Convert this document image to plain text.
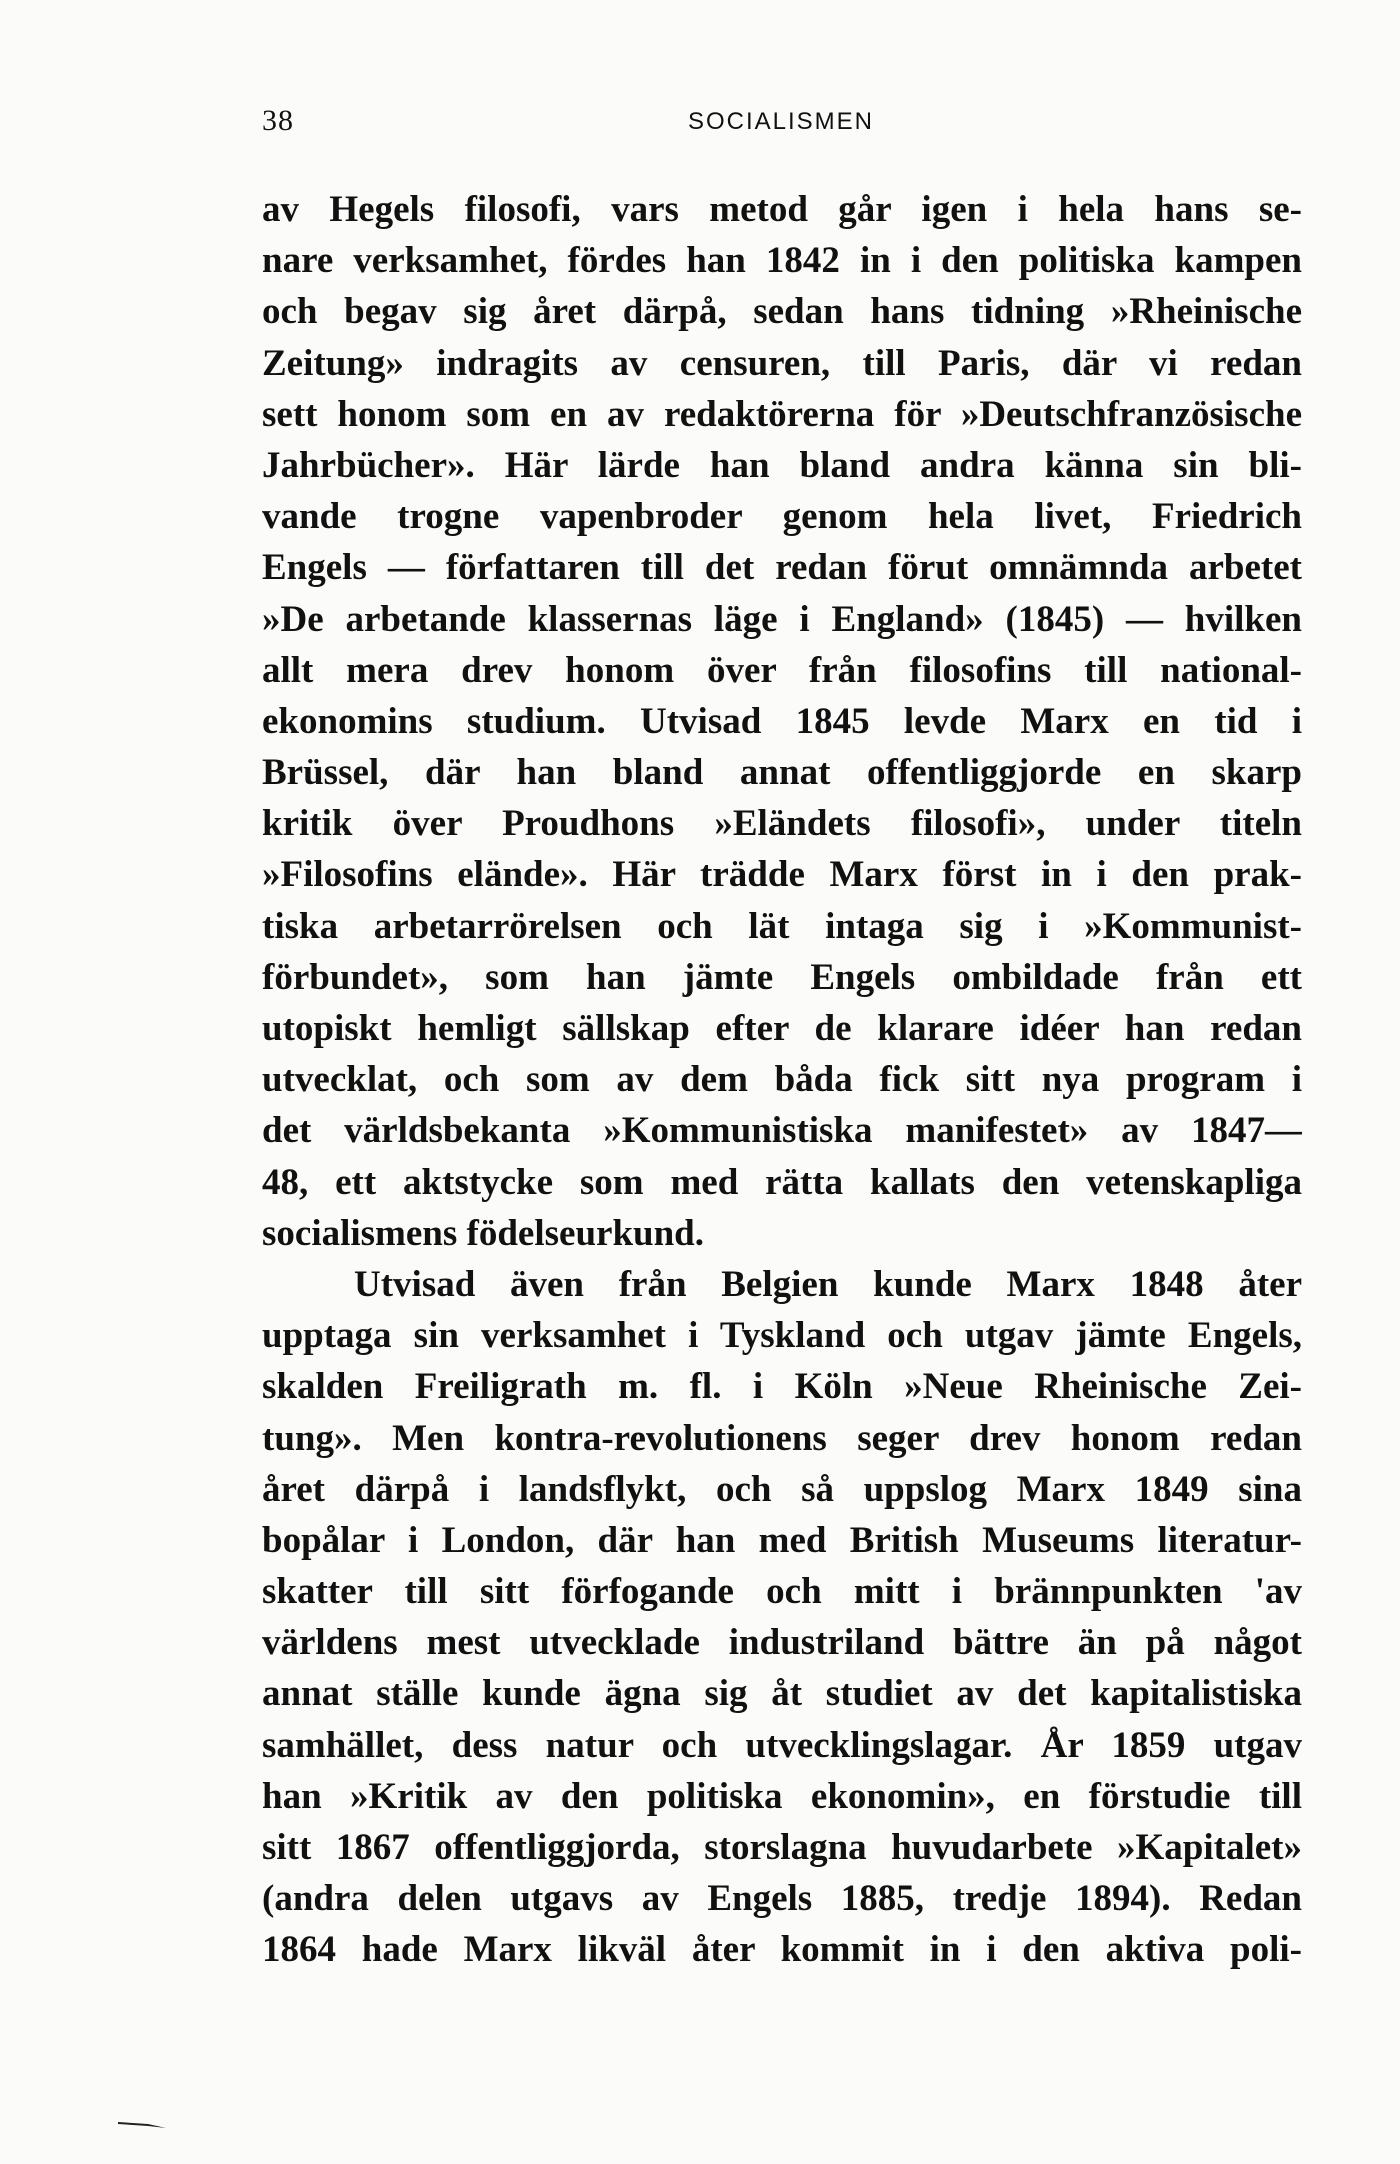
38	SOCIALISMEN
av Hegels filosofi, vars metod går igen i hela hans se-
nare verksamhet, fördes han 1842 in i den politiska kampen
och begav sig året därpå, sedan hans tidning »Rheinische
Zeitung» indragits av censuren, till Paris, där vi redan
sett honom som en av redaktörerna för »Deutschfranzösische
Jahrbücher». Här lärde han bland andra känna sin bli-
vande trogne vapenbroder genom hela livet, Friedrich
Engels — författaren till det redan förut omnämnda arbetet
»De arbetande klassernas läge i England» (1845) — hvilken
allt mera drev honom över från filosofins till national-
ekonomins studium. Utvisad 1845 levde Marx en tid i
Brüssel, där han bland annat offentliggjorde en skarp
kritik över Proudhons »Eländets filosofi», under titeln
»Filosofins elände». Här trädde Marx först in i den prak-
tiska arbetarrörelsen och lät intaga sig i »Kommunist-
förbundet», som han jämte Engels ombildade från ett
utopiskt hemligt sällskap efter de klarare idéer han redan
utvecklat, och som av dem båda fick sitt nya program i
det världsbekanta »Kommunistiska manifestet» av 1847—
48, ett aktstycke som med rätta kallats den vetenskapliga
socialismens födelseurkund.
Utvisad även från Belgien kunde Marx 1848 åter
upptaga sin verksamhet i Tyskland och utgav jämte Engels,
skalden Freiligrath m. fl. i Köln »Neue Rheinische Zei-
tung». Men kontra-revolutionens seger drev honom redan
året därpå i landsflykt, och så uppslog Marx 1849 sina
bopålar i London, där han med British Museums literatur-
skatter till sitt förfogande och mitt i brännpunkten 'av
världens mest utvecklade industriland bättre än på något
annat ställe kunde ägna sig åt studiet av det kapitalistiska
samhället, dess natur och utvecklingslagar. År 1859 utgav
han »Kritik av den politiska ekonomin», en förstudie till
sitt 1867 offentliggjorda, storslagna huvudarbete »Kapitalet»
(andra delen utgavs av Engels 1885, tredje 1894). Redan
1864 hade Marx likväl åter kommit in i den aktiva poli-
